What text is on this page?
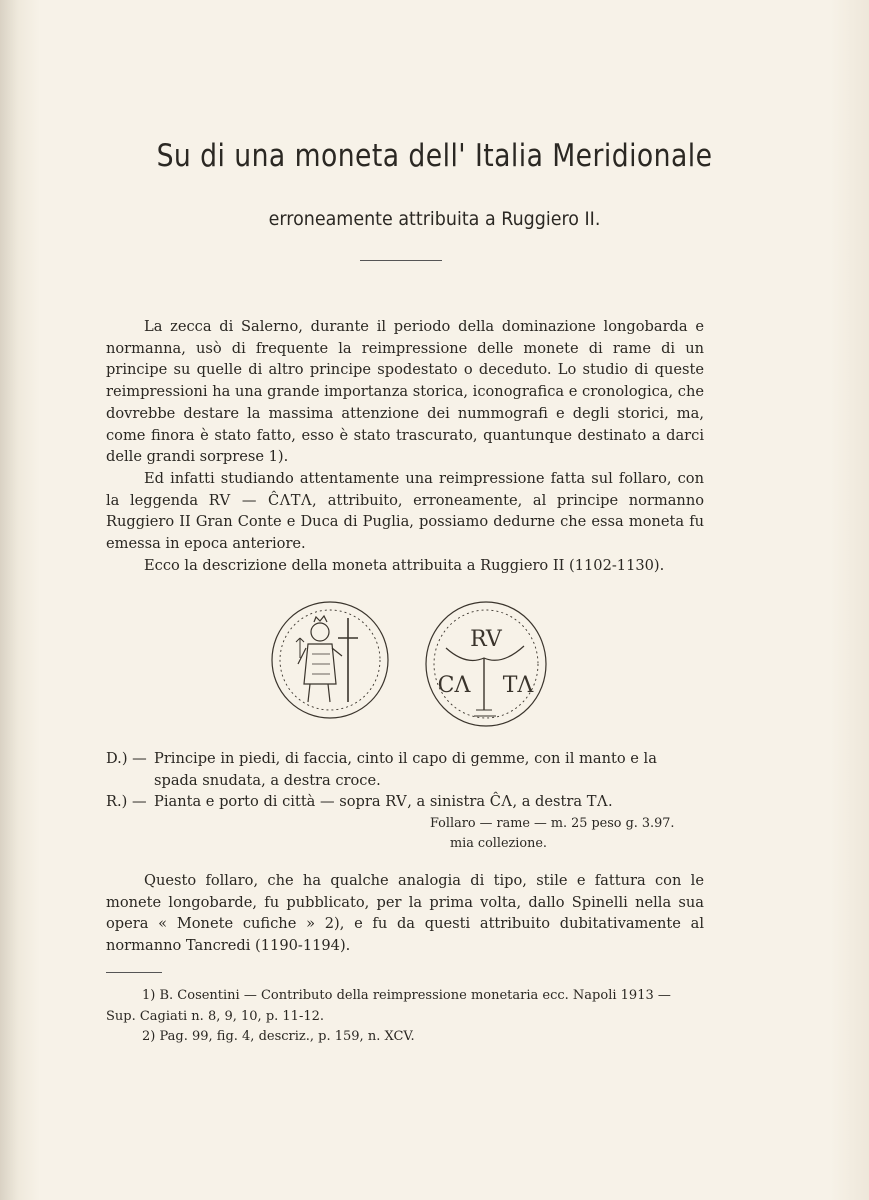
Su di una moneta dell' Italia Meridionale
erroneamente attribuita a Ruggiero II.

La zecca di Salerno, durante il periodo della dominazione longobarda e normanna, usò di frequente la reimpressione delle monete di rame di un principe su quelle di altro principe spodestato o deceduto. Lo studio di queste reimpressioni ha una grande importanza storica, iconografica e cronologica, che dovrebbe destare la massima attenzione dei nummografi e degli storici, ma, come finora è stato fatto, esso è stato trascurato, quantunque destinato a darci delle grandi sorprese 1).

Ed infatti studiando attentamente una reimpressione fatta sul follaro, con la leggenda RV — ĈΛTΛ, attribuito, erroneamente, al principe normanno Ruggiero II Gran Conte e Duca di Puglia, possiamo dedurne che essa moneta fu emessa in epoca anteriore.

Ecco la descrizione della moneta attribuita a Ruggiero II (1102-1130).

RV
CΛ TΛ
D.) — Principe in piedi, di faccia, cinto il capo di gemme, con il manto e la
spada snudata, a destra croce.
R.) — Pianta e porto di città — sopra RV, a sinistra ĈΛ, a destra TΛ.
Follaro — rame — m. 25 peso g. 3.97.
mia collezione.

Questo follaro, che ha qualche analogia di tipo, stile e fattura con le monete longobarde, fu pubblicato, per la prima volta, dallo Spinelli nella sua opera « Monete cufiche » 2), e fu da questi attribuito dubitativamente al normanno Tancredi (1190-1194).

1) B. Cosentini — Contributo della reimpressione monetaria ecc. Napoli 1913 —

Sup. Cagiati n. 8, 9, 10, p. 11-12.

2) Pag. 99, fig. 4, descriz., p. 159, n. XCV.
